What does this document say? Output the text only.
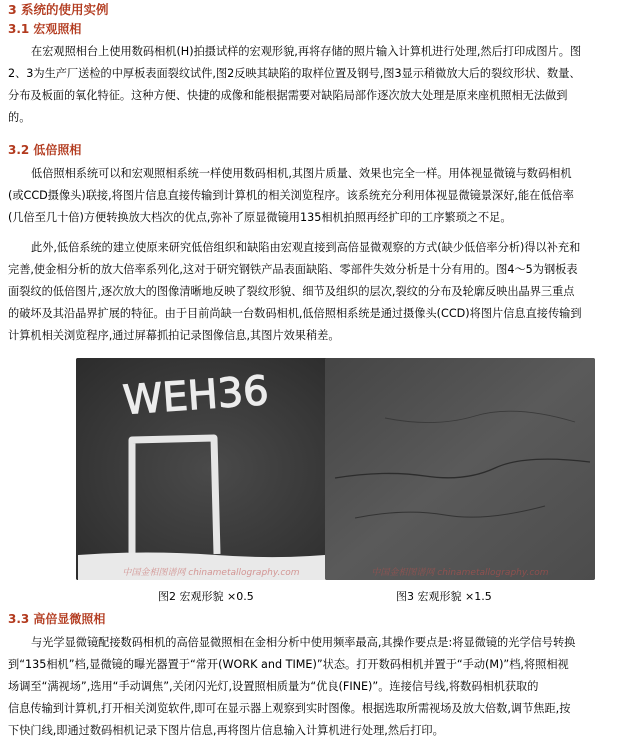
3 系统的使用实例
3.1 宏观照相
在宏观照相台上使用数码相机(H)拍摄试样的宏观形貌,再将存储的照片输入计算机进行处理,然后打印成图片。图
2、3为生产厂送检的中厚板表面裂纹试件,图2反映其缺陷的取样位置及钢号,图3显示稍微放大后的裂纹形状、数量、
分布及板面的氧化特征。这种方便、快捷的成像和能根据需要对缺陷局部作逐次放大处理是原来座机照相无法做到
的。
3.2 低倍照相
低倍照相系统可以和宏观照相系统一样使用数码相机,其图片质量、效果也完全一样。用体视显微镜与数码相机
(或CCD摄像头)联接,将图片信息直接传输到计算机的相关浏览程序。该系统充分利用体视显微镜景深好,能在低倍率
(几倍至几十倍)方便转换放大档次的优点,弥补了原显微镜用135相机拍照再经扩印的工序繁琐之不足。
此外,低倍系统的建立使原来研究低倍组织和缺陷由宏观直接到高倍显微观察的方式(缺少低倍率分析)得以补充和
完善,使金相分析的放大倍率系列化,这对于研究钢铁产品表面缺陷、零部件失效分析是十分有用的。图4～5为钢板表
面裂纹的低倍图片,逐次放大的图像清晰地反映了裂纹形貌、细节及组织的层次,裂纹的分布及轮廓反映出晶界三重点
的破坏及其沿晶界扩展的特征。由于目前尚缺一台数码相机,低倍照相系统是通过摄像头(CCD)将图片信息直接传输到
计算机相关浏览程序,通过屏幕抓拍记录图像信息,其图片效果稍差。
WEH36
中国金相图谱网 chinametallography.com
图2 宏观形貌 ×0.5
中国金相图谱网 chinametallography.com
图3 宏观形貌 ×1.5
3.3 高倍显微照相
与光学显微镜配接数码相机的高倍显微照相在金相分析中使用频率最高,其操作要点是:将显微镜的光学信号转换
到“135相机”档,显微镜的曝光器置于“常开(WORK and TIME)”状态。打开数码相机并置于“手动(M)”档,将照相视
场调至“满视场”,选用“手动调焦”,关闭闪光灯,设置照相质量为“优良(FINE)”。连接信号线,将数码相机获取的
信息传输到计算机,打开相关浏览软件,即可在显示器上观察到实时图像。根据选取所需视场及放大倍数,调节焦距,按
下快门线,即通过数码相机记录下图片信息,再将图片信息输入计算机进行处理,然后打印。
